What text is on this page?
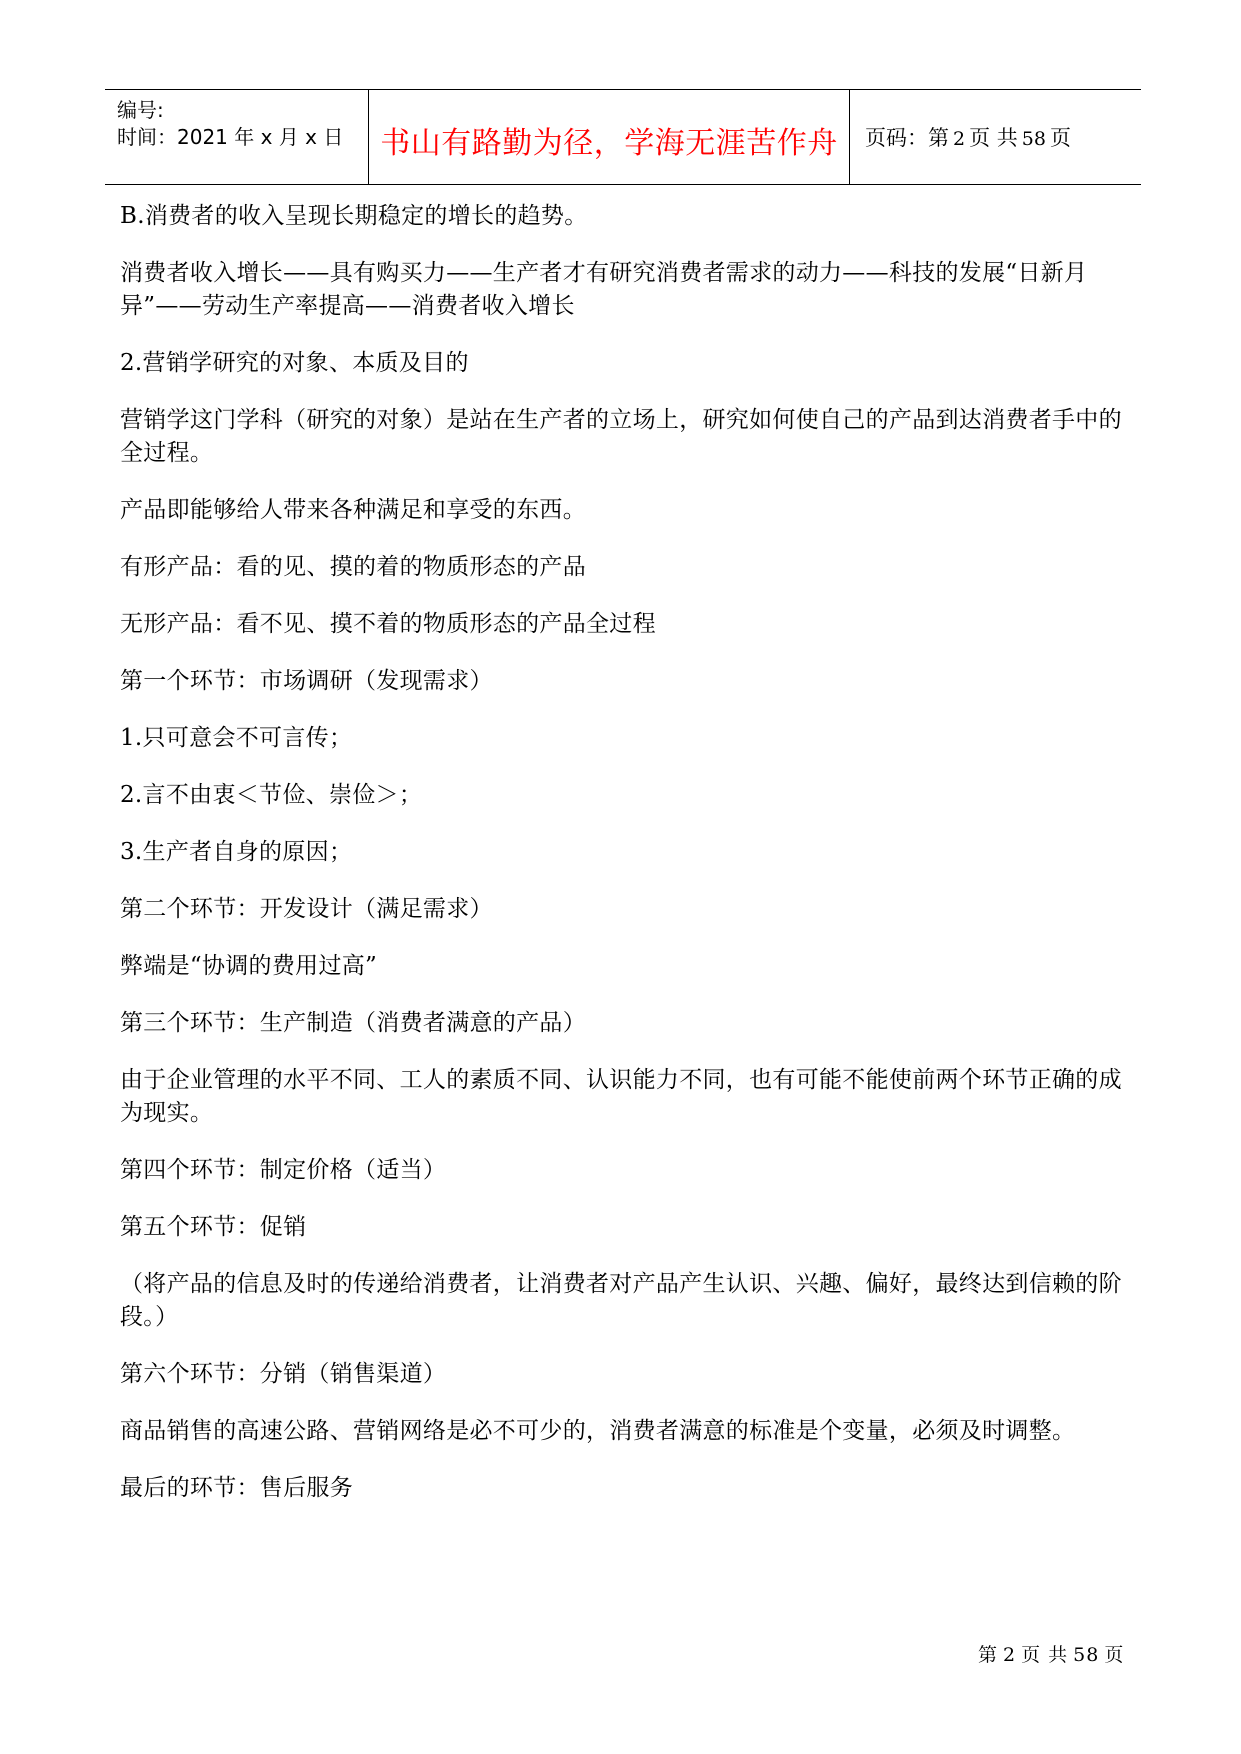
编号:
时间：2021 年 x 月 x 日	书山有路勤为径，学海无涯苦作舟	页码：第 2 页 共 58 页

B.消费者的收入呈现长期稳定的增长的趋势。

消费者收入增长——具有购买力——生产者才有研究消费者需求的动力——科技的发展“日新月异”——劳动生产率提高——消费者收入增长

2.营销学研究的对象、本质及目的

营销学这门学科（研究的对象）是站在生产者的立场上，研究如何使自己的产品到达消费者手中的全过程。

产品即能够给人带来各种满足和享受的东西。

有形产品：看的见、摸的着的物质形态的产品

无形产品：看不见、摸不着的物质形态的产品全过程

第一个环节：市场调研（发现需求）

1.只可意会不可言传；

2.言不由衷＜节俭、崇俭＞；

3.生产者自身的原因；

第二个环节：开发设计（满足需求）

弊端是“协调的费用过高”

第三个环节：生产制造（消费者满意的产品）

由于企业管理的水平不同、工人的素质不同、认识能力不同，也有可能不能使前两个环节正确的成为现实。

第四个环节：制定价格（适当）

第五个环节：促销

（将产品的信息及时的传递给消费者，让消费者对产品产生认识、兴趣、偏好，最终达到信赖的阶段。）

第六个环节：分销（销售渠道）

商品销售的高速公路、营销网络是必不可少的，消费者满意的标准是个变量，必须及时调整。

最后的环节：售后服务

第 2 页 共 58 页
